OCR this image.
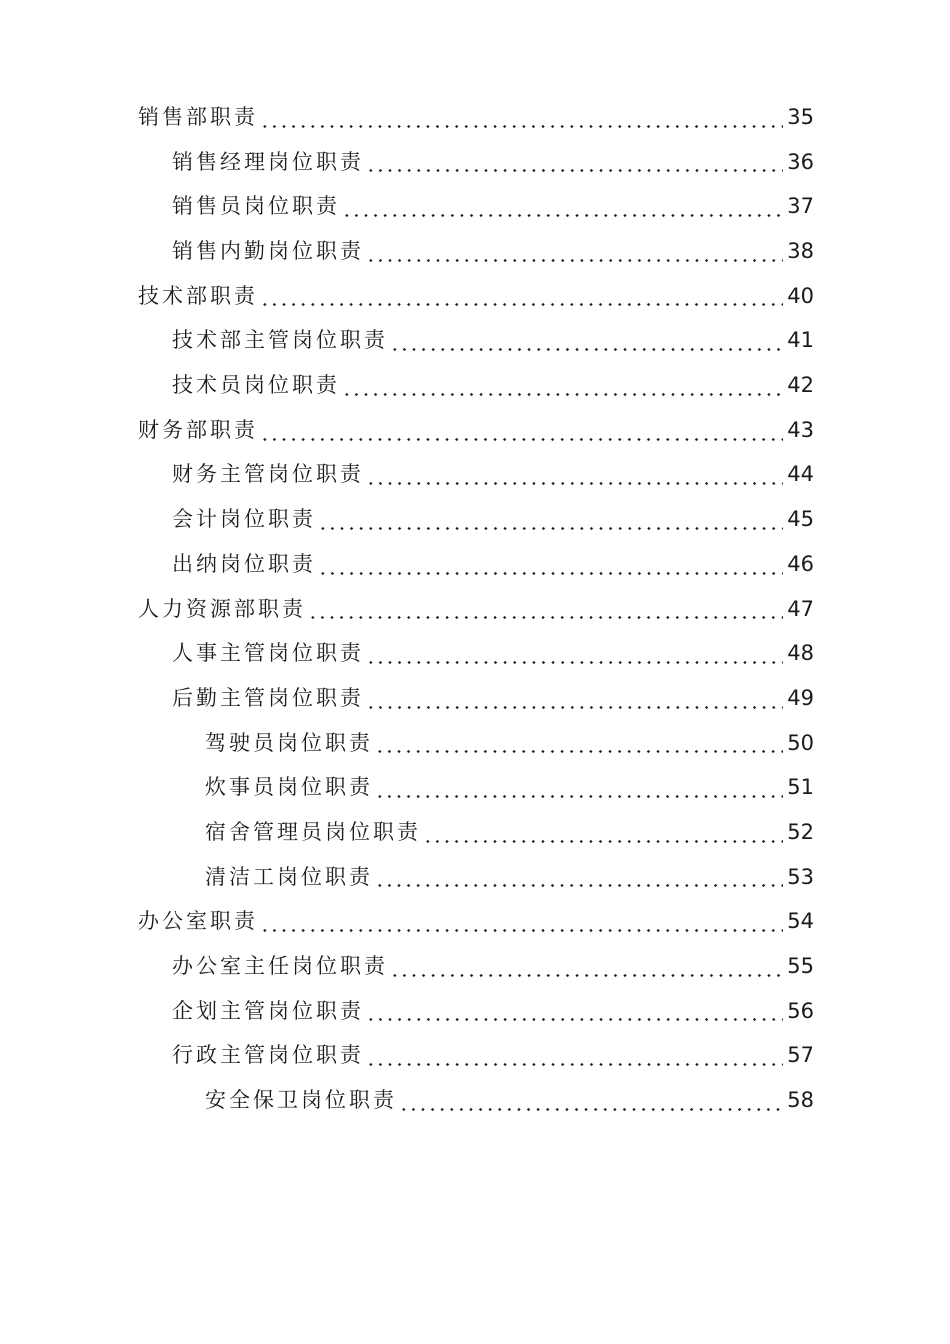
销售部职责	35
销售经理岗位职责	36
销售员岗位职责	37
销售内勤岗位职责	38
技术部职责	40
技术部主管岗位职责	41
技术员岗位职责	42
财务部职责	43
财务主管岗位职责	44
会计岗位职责	45
出纳岗位职责	46
人力资源部职责	47
人事主管岗位职责	48
后勤主管岗位职责	49
驾驶员岗位职责	50
炊事员岗位职责	51
宿舍管理员岗位职责	52
清洁工岗位职责	53
办公室职责	54
办公室主任岗位职责	55
企划主管岗位职责	56
行政主管岗位职责	57
安全保卫岗位职责	58
